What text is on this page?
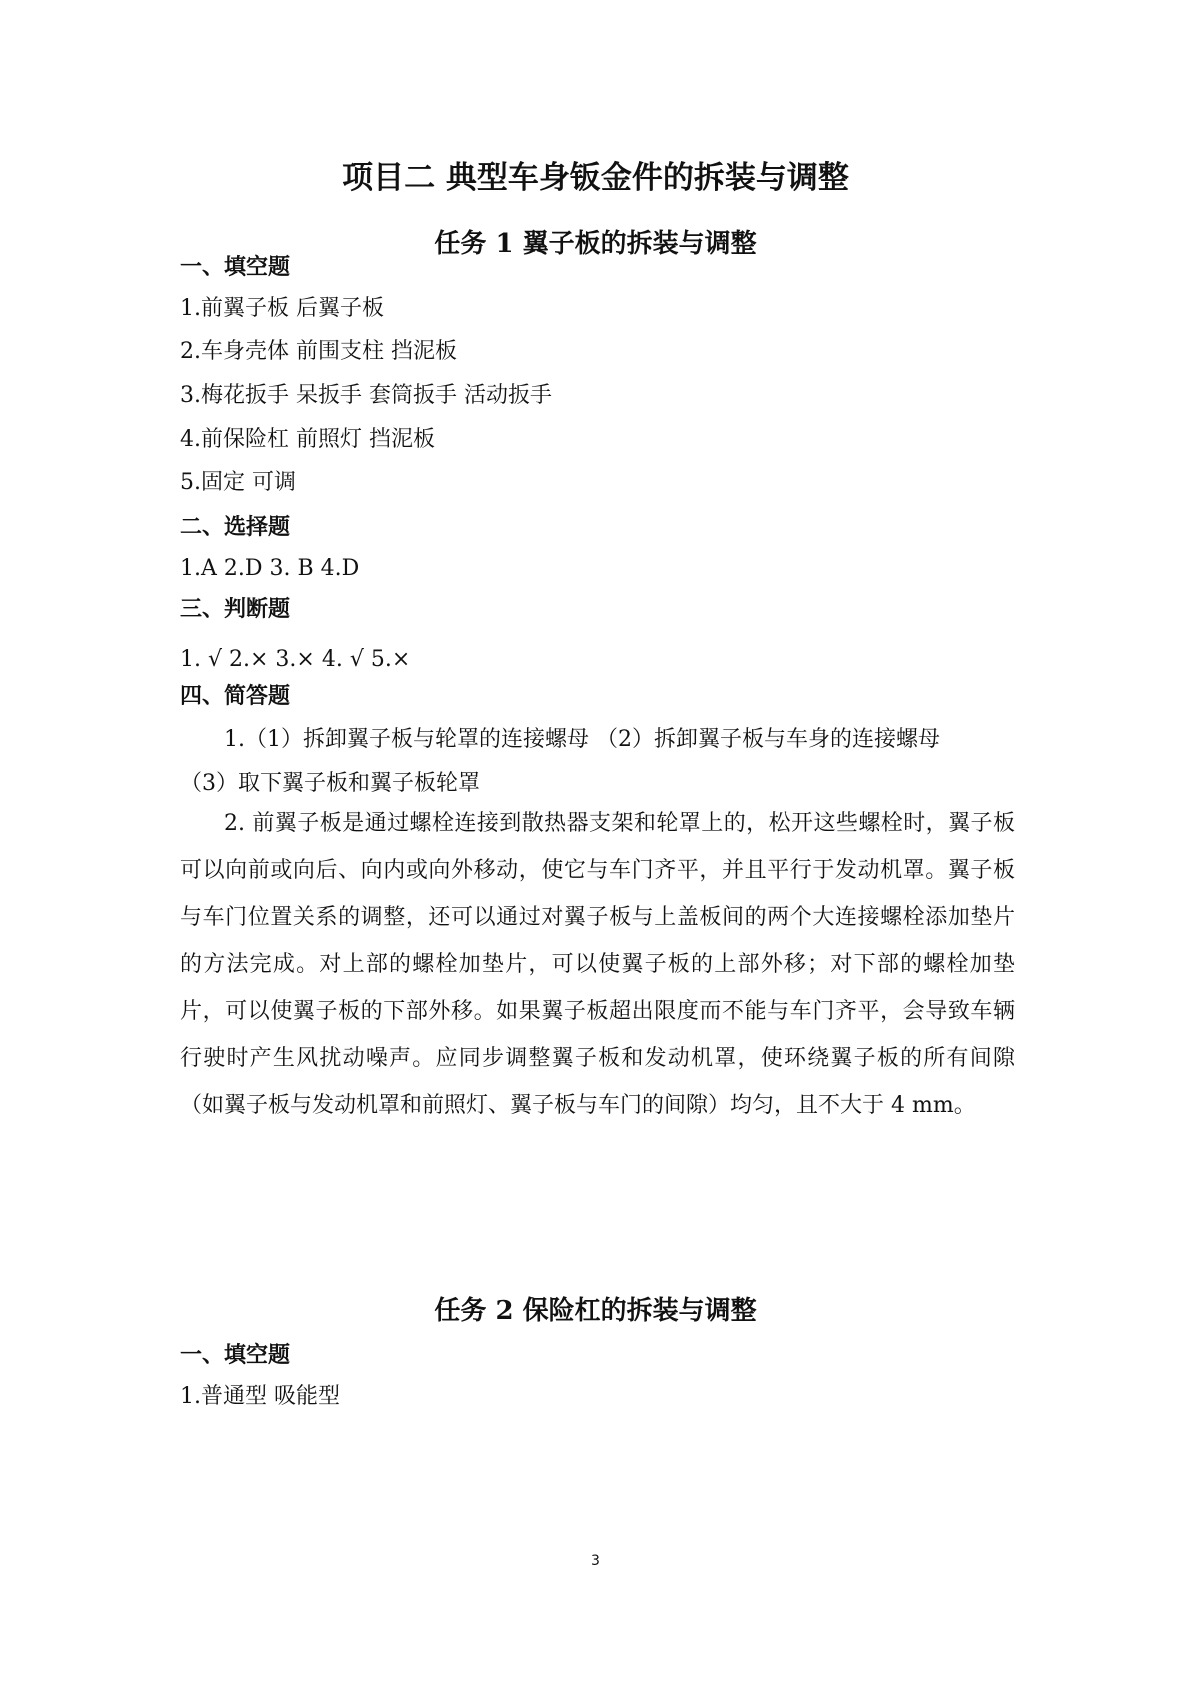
项目二 典型车身钣金件的拆装与调整
任务 1 翼子板的拆装与调整
一、填空题
1.前翼子板 后翼子板
2.车身壳体 前围支柱 挡泥板
3.梅花扳手 呆扳手 套筒扳手 活动扳手
4.前保险杠 前照灯 挡泥板
5.固定 可调
二、选择题
1.A 2.D 3. B 4.D
三、判断题
1. √ 2.× 3.× 4. √ 5.×
四、简答题
1.（1）拆卸翼子板与轮罩的连接螺母 （2）拆卸翼子板与车身的连接螺母
（3）取下翼子板和翼子板轮罩
2. 前翼子板是通过螺栓连接到散热器支架和轮罩上的，松开这些螺栓时，翼子板可以向前或向后、向内或向外移动，使它与车门齐平，并且平行于发动机罩。翼子板与车门位置关系的调整，还可以通过对翼子板与上盖板间的两个大连接螺栓添加垫片的方法完成。对上部的螺栓加垫片，可以使翼子板的上部外移；对下部的螺栓加垫片，可以使翼子板的下部外移。如果翼子板超出限度而不能与车门齐平，会导致车辆行驶时产生风扰动噪声。应同步调整翼子板和发动机罩，使环绕翼子板的所有间隙（如翼子板与发动机罩和前照灯、翼子板与车门的间隙）均匀，且不大于 4 mm。
任务 2 保险杠的拆装与调整
一、填空题
1.普通型 吸能型
3
